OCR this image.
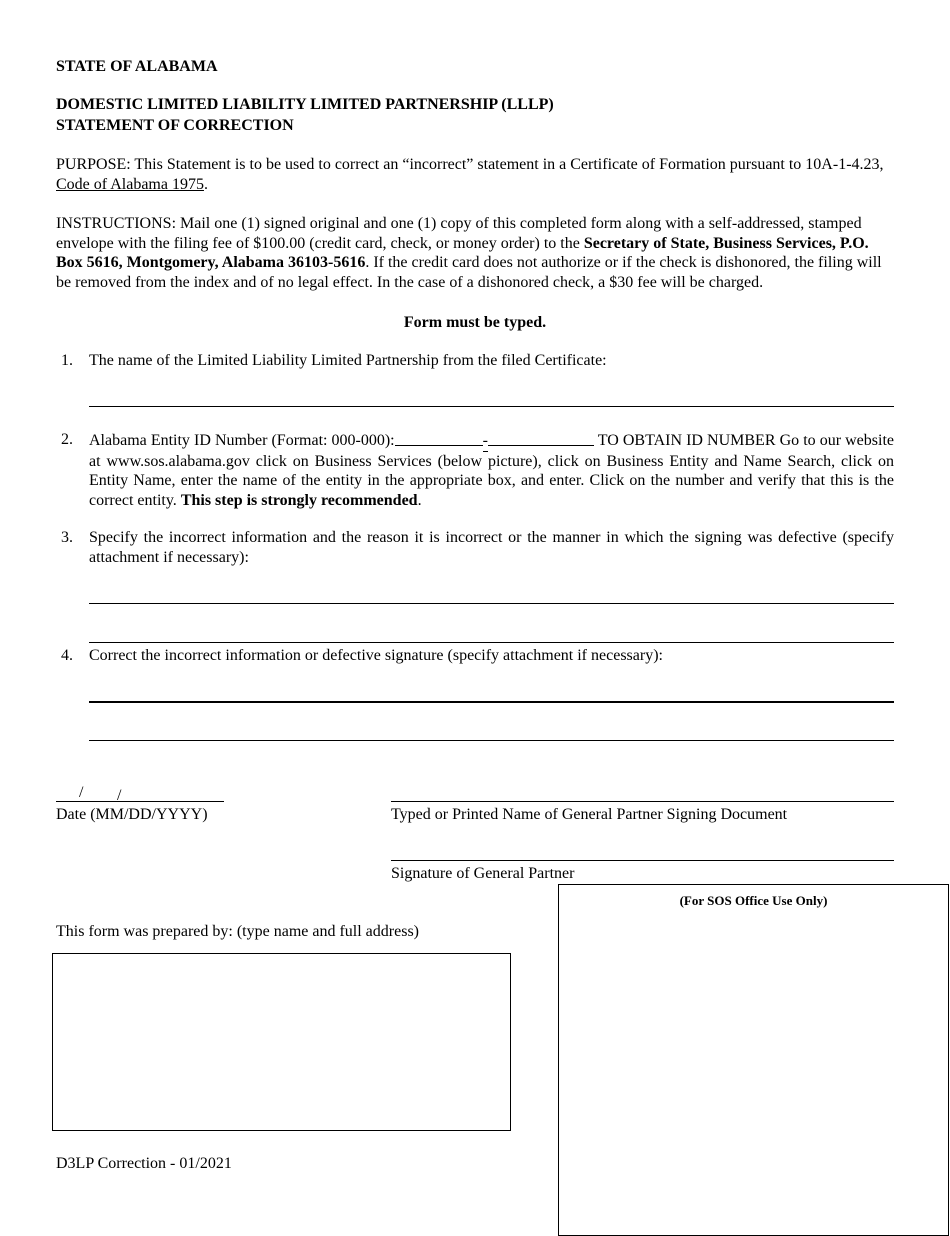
STATE OF ALABAMA
DOMESTIC LIMITED LIABILITY LIMITED PARTNERSHIP (LLLP)
STATEMENT OF CORRECTION
PURPOSE: This Statement is to be used to correct an “incorrect” statement in a Certificate of Formation pursuant to 10A-1-4.23, Code of Alabama 1975.
INSTRUCTIONS: Mail one (1) signed original and one (1) copy of this completed form along with a self-addressed, stamped envelope with the filing fee of $100.00 (credit card, check, or money order) to the Secretary of State, Business Services, P.O. Box 5616, Montgomery, Alabama 36103-5616. If the credit card does not authorize or if the check is dishonored, the filing will be removed from the index and of no legal effect. In the case of a dishonored check, a $30 fee will be charged.
Form must be typed.
1. The name of the Limited Liability Limited Partnership from the filed Certificate:
2. Alabama Entity ID Number (Format: 000-000):	-	TO OBTAIN ID NUMBER Go to our website at www.sos.alabama.gov click on Business Services (below picture), click on Business Entity and Name Search, click on Entity Name, enter the name of the entity in the appropriate box, and enter. Click on the number and verify that this is the correct entity. This step is strongly recommended.
3. Specify the incorrect information and the reason it is incorrect or the manner in which the signing was defective (specify attachment if necessary):
4. Correct the incorrect information or defective signature (specify attachment if necessary):
/ /
Date (MM/DD/YYYY)	Typed or Printed Name of General Partner Signing Document
Signature of General Partner
(For SOS Office Use Only)
This form was prepared by: (type name and full address)
D3LP Correction - 01/2021
